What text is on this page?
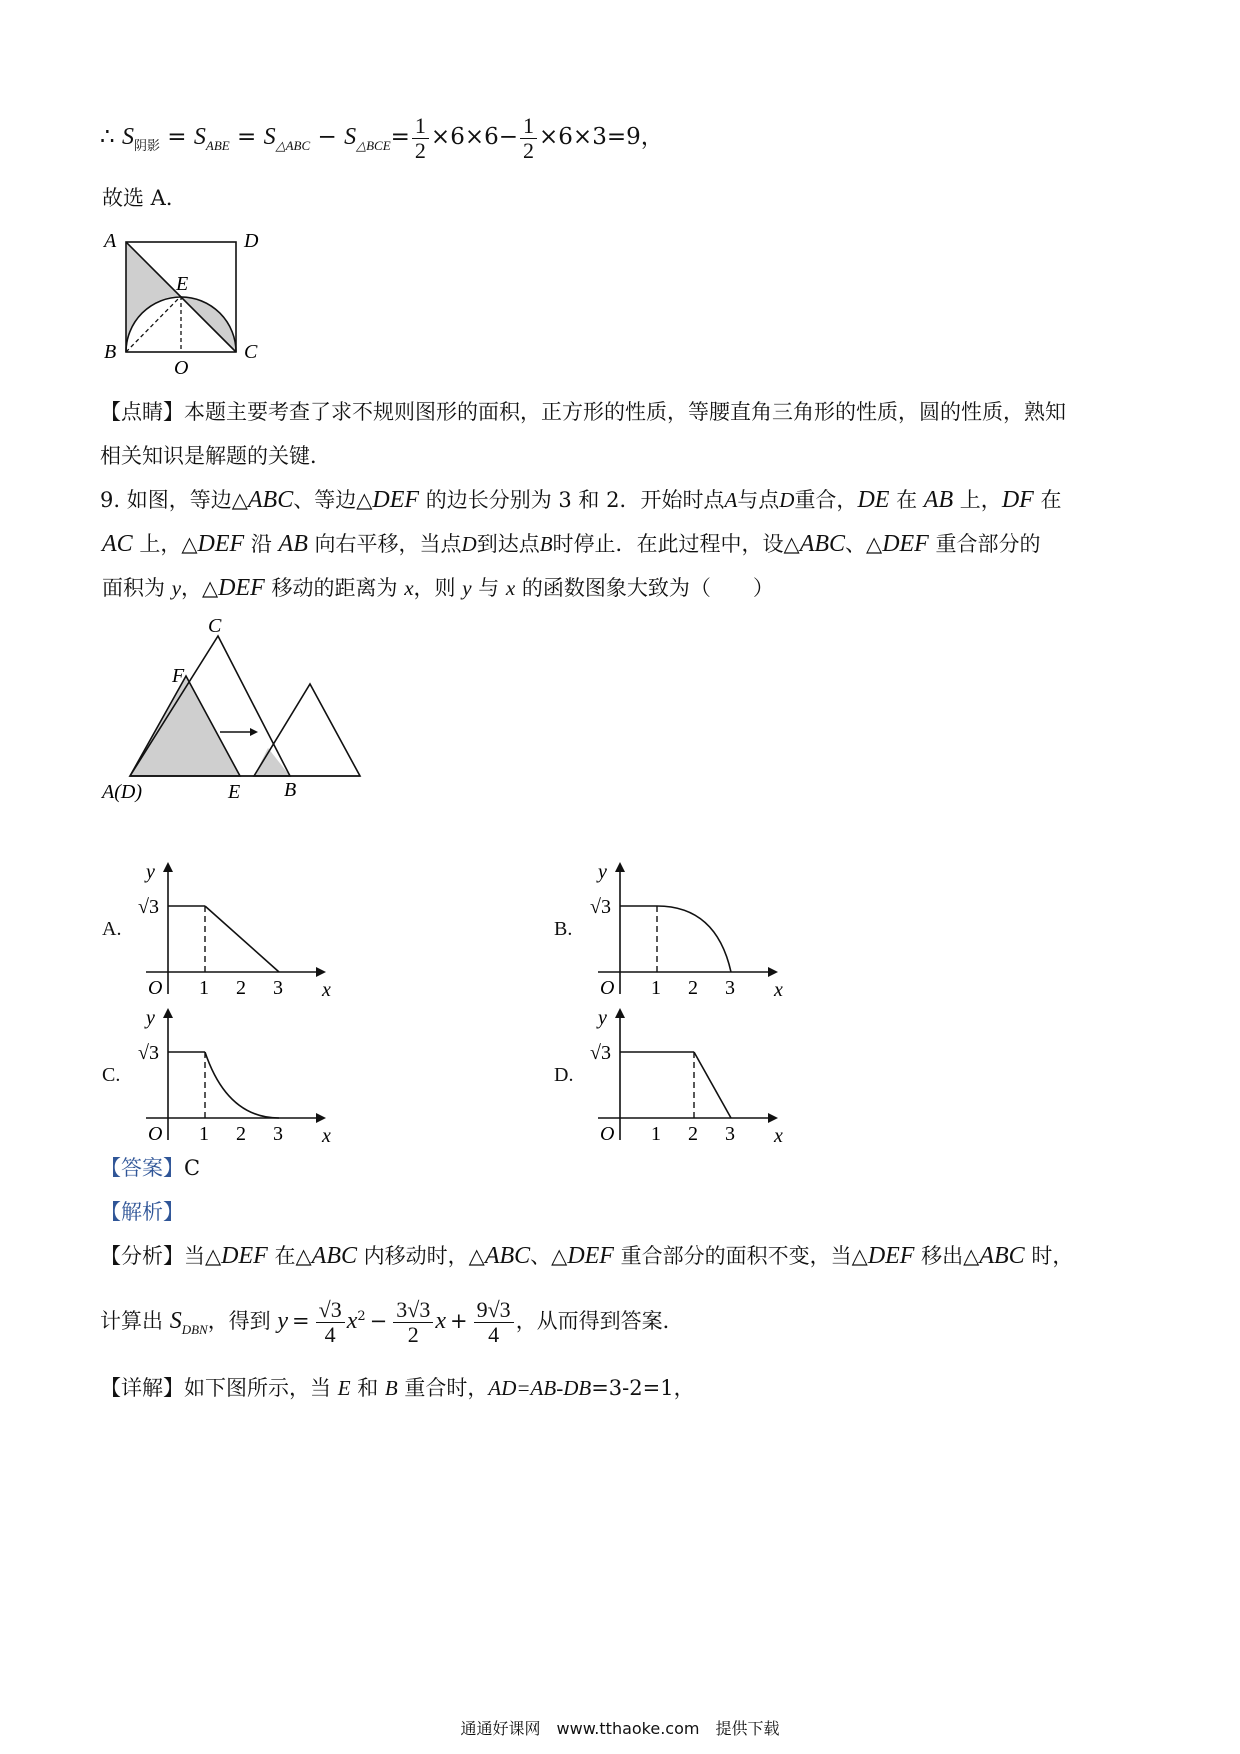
∴ $S_{阴影} = S_{ABE} = S_{\triangle ABC} - S_{\triangle BCE}= \frac{1}{2} \times 6\times 6- \frac{1}{2} \times 6\times 3=9$，
故选 A．
A	D
E
B	C
O
【点睛】本题主要考查了求不规则图形的面积，正方形的性质，等腰直角三角形的性质，圆的性质，熟知
相关知识是解题的关键．
9. 如图，等边△ABC、等边△DEF 的边长分别为 3 和 2．开始时点A与点D重合，DE 在 AB 上，DF 在
AC 上，△DEF 沿 AB 向右平移，当点D到达点B时停止．在此过程中，设△ABC、△DEF 重合部分的
面积为 y，△DEF 移动的距离为 x，则 y 与 x 的函数图象大致为（　　）
C
F
A(D)	E B
A.	B.
C.	D.
y
x
O
√3
1 2 3
y
x
O
√3
1 2 3
y
x
O
√3
1 2 3
y
x
O
√3
1 2 3
【答案】C
【解析】
【分析】当△DEF 在△ABC 内移动时，△ABC、△DEF 重合部分的面积不变，当△DEF 移出△ABC 时，
计算出 $S_{DBN}$，得到 $y = \frac{√3}{4} x^2 - \frac{3√3}{2}$ $x + \frac{9√3}{4}$ ，从而得到答案．
【详解】如下图所示，当 E 和 B 重合时，AD=AB-DB=3-2=1，
通通好课网　www.tthaoke.com　提供下载
